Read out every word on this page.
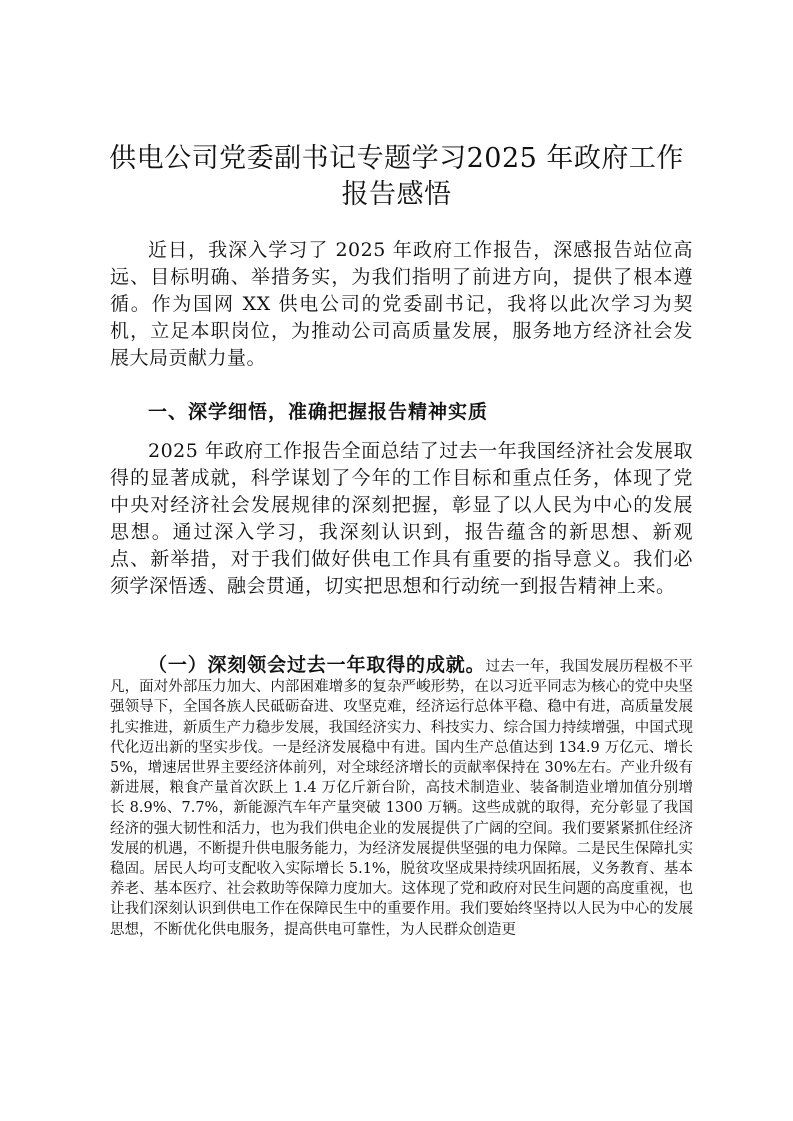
供电公司党委副书记专题学习2025 年政府工作报告感悟
近日，我深入学习了 2025 年政府工作报告，深感报告站位高远、目标明确、举措务实，为我们指明了前进方向，提供了根本遵循。作为国网 XX 供电公司的党委副书记，我将以此次学习为契机，立足本职岗位，为推动公司高质量发展，服务地方经济社会发展大局贡献力量。
一、深学细悟，准确把握报告精神实质
2025 年政府工作报告全面总结了过去一年我国经济社会发展取得的显著成就，科学谋划了今年的工作目标和重点任务，体现了党中央对经济社会发展规律的深刻把握，彰显了以人民为中心的发展思想。通过深入学习，我深刻认识到，报告蕴含的新思想、新观点、新举措，对于我们做好供电工作具有重要的指导意义。我们必须学深悟透、融会贯通，切实把思想和行动统一到报告精神上来。
（一）深刻领会过去一年取得的成就。过去一年，我国发展历程极不平凡，面对外部压力加大、内部困难增多的复杂严峻形势，在以习近平同志为核心的党中央坚强领导下，全国各族人民砥砺奋进、攻坚克难，经济运行总体平稳、稳中有进，高质量发展扎实推进，新质生产力稳步发展，我国经济实力、科技实力、综合国力持续增强，中国式现代化迈出新的坚实步伐。一是经济发展稳中有进。国内生产总值达到 134.9 万亿元、增长 5%，增速居世界主要经济体前列，对全球经济增长的贡献率保持在 30%左右。产业升级有新进展，粮食产量首次跃上 1.4 万亿斤新台阶，高技术制造业、装备制造业增加值分别增长 8.9%、7.7%，新能源汽车年产量突破 1300 万辆。这些成就的取得，充分彰显了我国经济的强大韧性和活力，也为我们供电企业的发展提供了广阔的空间。我们要紧紧抓住经济发展的机遇，不断提升供电服务能力，为经济发展提供坚强的电力保障。二是民生保障扎实稳固。居民人均可支配收入实际增长 5.1%，脱贫攻坚成果持续巩固拓展，义务教育、基本养老、基本医疗、社会救助等保障力度加大。这体现了党和政府对民生问题的高度重视，也让我们深刻认识到供电工作在保障民生中的重要作用。我们要始终坚持以人民为中心的发展思想，不断优化供电服务，提高供电可靠性，为人民群众创造更
